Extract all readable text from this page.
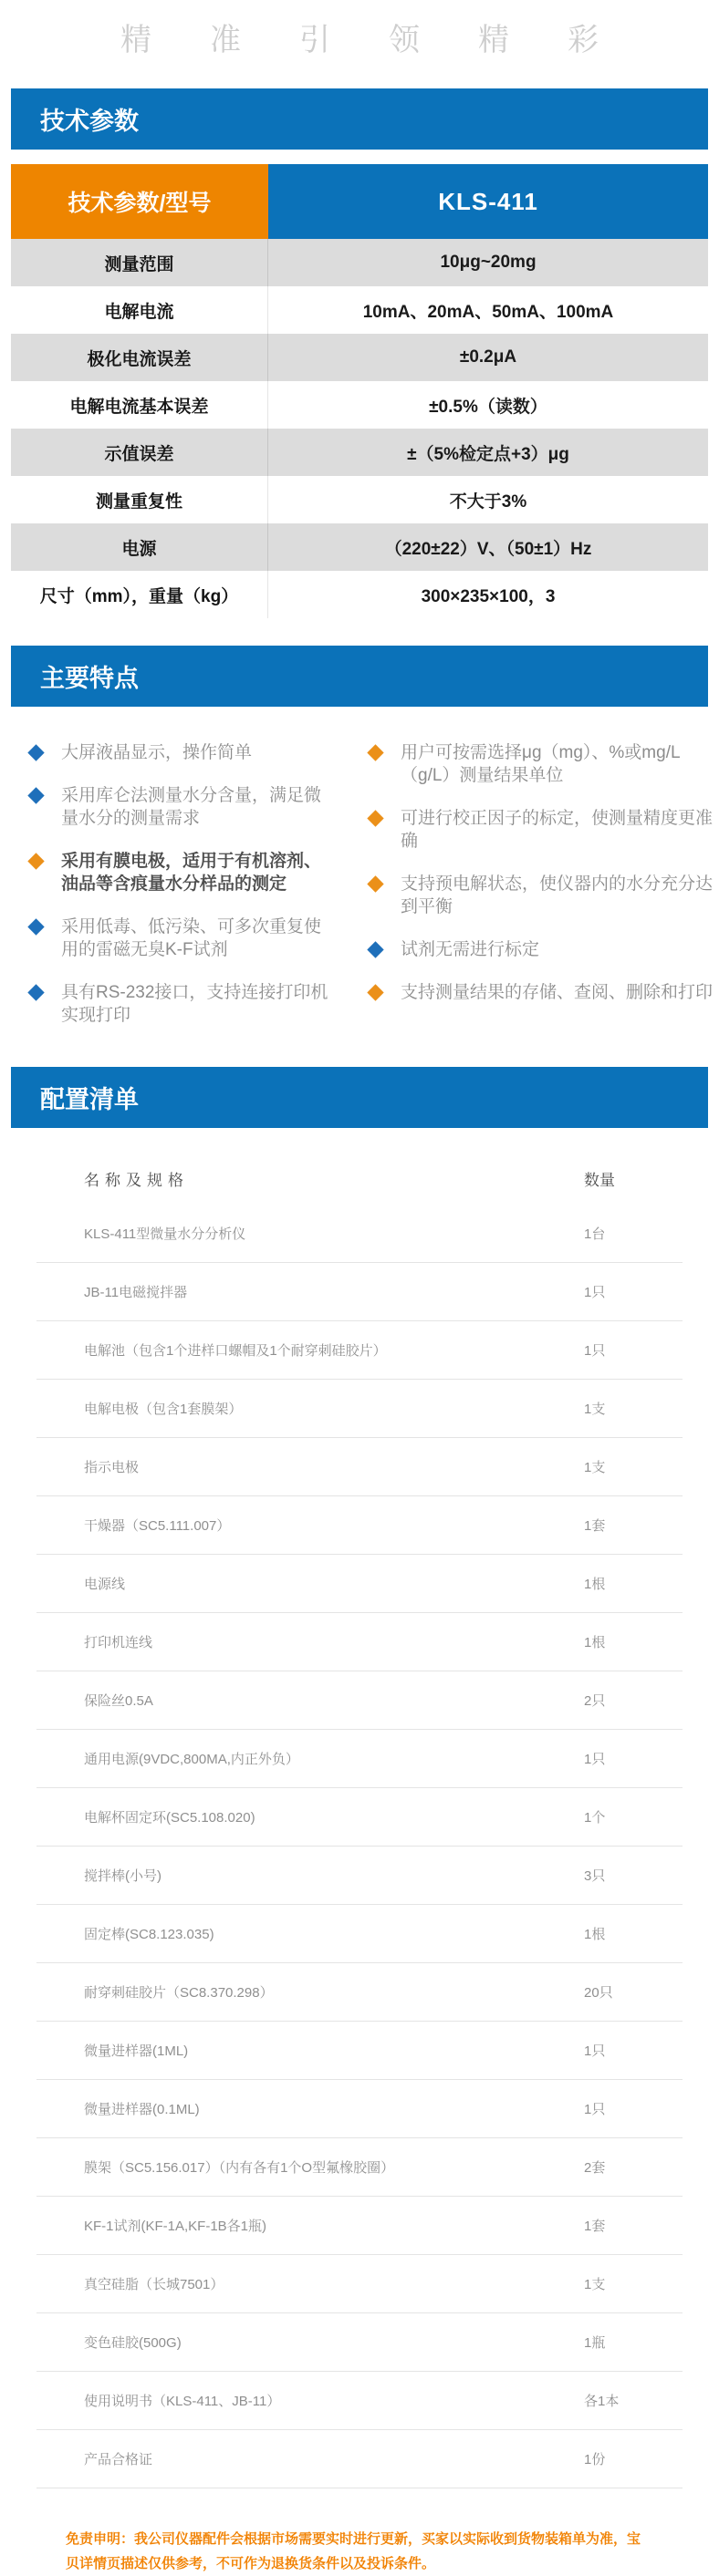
精准引领精彩
技术参数
技术参数/型号	KLS-411
测量范围	10μg~20mg
电解电流	10mA、20mA、50mA、100mA
极化电流误差	±0.2μA
电解电流基本误差	±0.5%（读数）
示值误差	±（5%检定点+3）μg
测量重复性	不大于3%
电源	（220±22）V、（50±1）Hz
尺寸（mm），重量（kg）	300×235×100，3
主要特点
大屏液晶显示，操作简单
采用库仑法测量水分含量，满足微量水分的测量需求
采用有膜电极，适用于有机溶剂、油品等含痕量水分样品的测定
采用低毒、低污染、可多次重复使用的雷磁无臭K-F试剂
具有RS-232接口，支持连接打印机实现打印
用户可按需选择μg（mg）、%或mg/L（g/L）测量结果单位
可进行校正因子的标定，使测量精度更准确
支持预电解状态，使仪器内的水分充分达到平衡
试剂无需进行标定
支持测量结果的存储、查阅、删除和打印
配置清单
名称及规格	数量
KLS-411型微量水分分析仪	1台
JB-11电磁搅拌器	1只
电解池（包含1个进样口螺帽及1个耐穿刺硅胶片）	1只
电解电极（包含1套膜架）	1支
指示电极	1支
干燥器（SC5.111.007）	1套
电源线	1根
打印机连线	1根
保险丝0.5A	2只
通用电源(9VDC,800MA,内正外负）	1只
电解杯固定环(SC5.108.020)	1个
搅拌棒(小号)	3只
固定棒(SC8.123.035)	1根
耐穿刺硅胶片（SC8.370.298）	20只
微量进样器(1ML)	1只
微量进样器(0.1ML)	1只
膜架（SC5.156.017）（内有各有1个O型氟橡胶圈）	2套
KF-1试剂(KF-1A,KF-1B各1瓶)	1套
真空硅脂（长城7501）	1支
变色硅胶(500G)	1瓶
使用说明书（KLS-411、JB-11）	各1本
产品合格证	1份
免责申明：我公司仪器配件会根据市场需要实时进行更新，买家以实际收到货物装箱单为准，宝贝详情页描述仅供参考，不可作为退换货条件以及投诉条件。
